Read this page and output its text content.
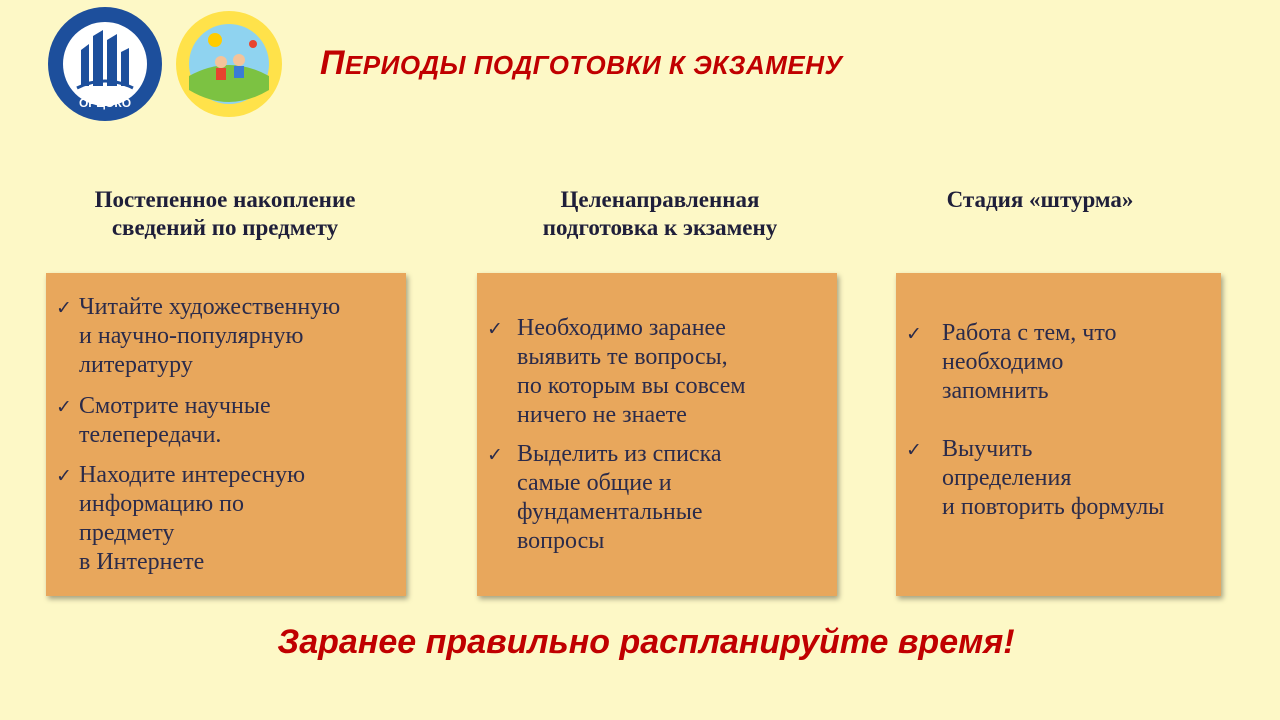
ОРЦОКО
ПЕРИОДЫ ПОДГОТОВКИ К ЭКЗАМЕНУ
Постепенное накопление
сведений по предмету
Целенаправленная
подготовка к экзамену
Стадия «штурма»
✓ Читайте художественную
и научно-популярную
литературу
✓ Смотрите научные
телепередачи.
✓ Находите интересную
информацию по
предмету
в Интернете
✓ Необходимо заранее
выявить те вопросы,
по которым вы совсем
ничего не знаете
✓ Выделить из списка
самые общие и
фундаментальные
вопросы
✓ Работа с тем, что
необходимо
запомнить
✓ Выучить
определения
и повторить формулы
Заранее правильно распланируйте время!
